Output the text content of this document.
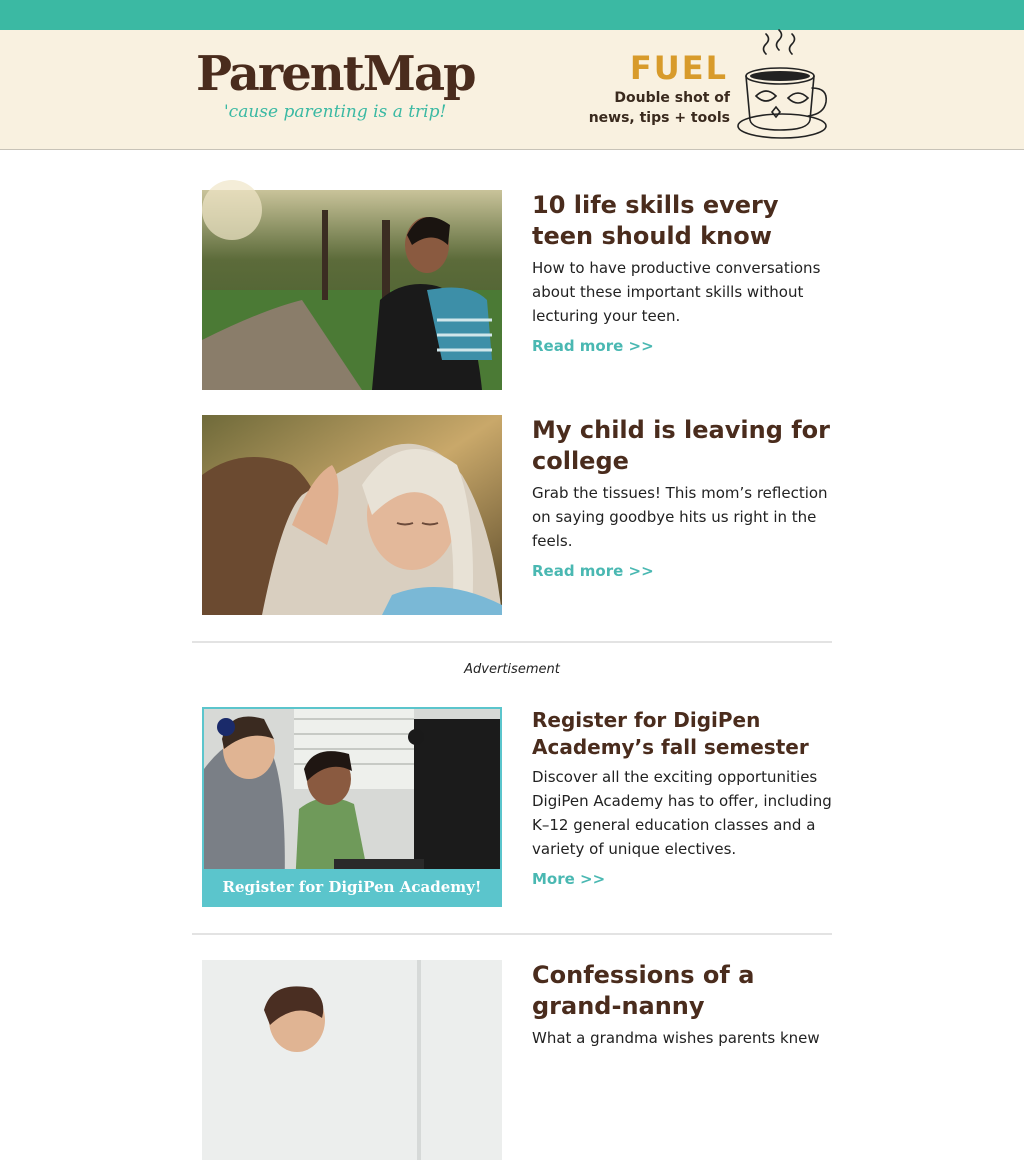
ParentMap
'cause parenting is a trip!
FUEL
Double shot of
news, tips + tools
10 life skills every teen should know
How to have productive conversations about these important skills without lecturing your teen.
Read more >>
My child is leaving for college
Grab the tissues! This mom’s reflection on saying goodbye hits us right in the feels.
Read more >>
Advertisement
Register for DigiPen Academy!
Register for DigiPen Academy’s fall semester
Discover all the exciting opportunities DigiPen Academy has to offer, including K–12 general education classes and a variety of unique electives.
More >>
Confessions of a grand-nanny
What a grandma wishes parents knew
